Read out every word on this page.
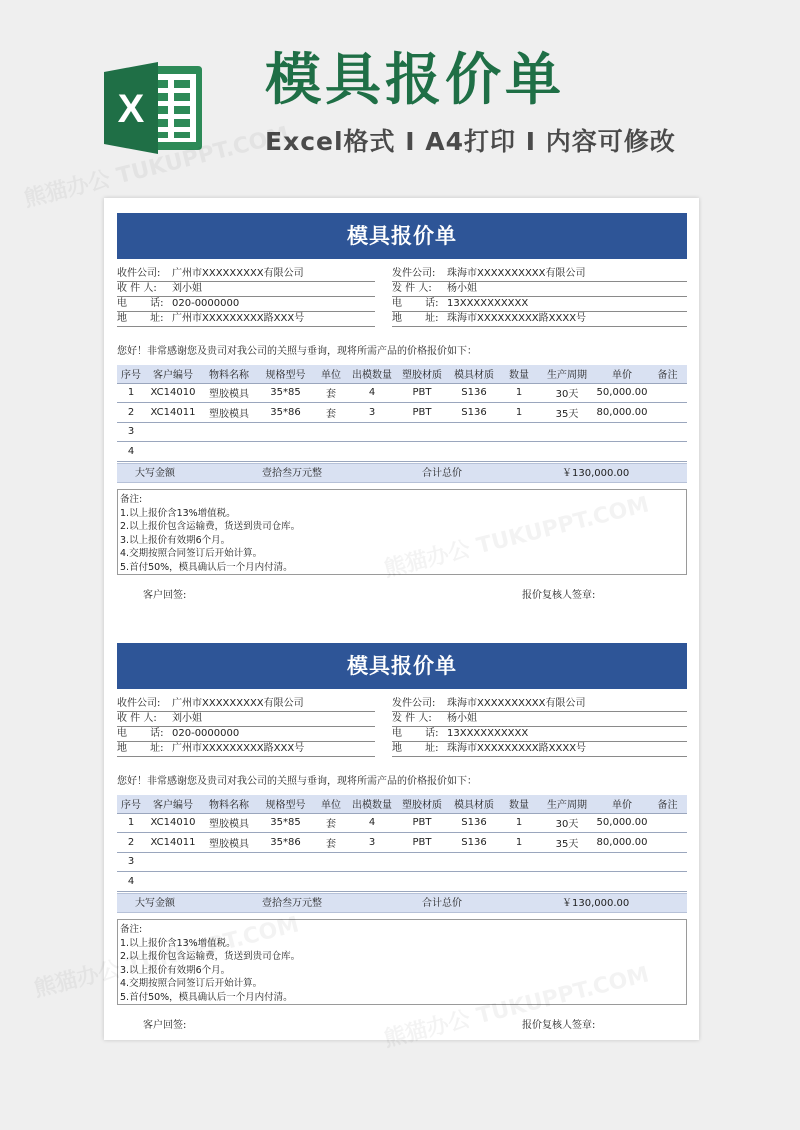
X 模具报价单
Excel格式 I A4打印 I 内容可修改
模具报价单
收件公司: 广州市XXXXXXXXX有限公司
收 件 人: 刘小姐
电 　　话: 020-0000000
地 　　址: 广州市XXXXXXXXX路XXX号
发件公司: 珠海市XXXXXXXXXX有限公司
发 件 人: 杨小姐
电 　　话: 13XXXXXXXXXX
地 　　址: 珠海市XXXXXXXXX路XXXX号
您好！非常感谢您及贵司对我公司的关照与垂询，现将所需产品的价格报价如下：
序号	客户编号	物料名称	规格型号	单位	出模数量	塑胶材质	模具材质	数量	生产周期	单价	备注
1	XC14010	塑胶模具	35*85	套	4	PBT	S136	1	30天	50,000.00	
2	XC14011	塑胶模具	35*86	套	3	PBT	S136	1	35天	80,000.00	
3											
4											
大写金额	壹拾叁万元整	合计总价	￥130,000.00
备注:
1.以上报价含13%增值税。
2.以上报价包含运输费，货送到贵司仓库。
3.以上报价有效期6个月。
4.交期按照合同签订后开始计算。
5.首付50%，模具确认后一个月内付清。
客户回签:	报价复核人签章:
模具报价单
收件公司: 广州市XXXXXXXXX有限公司
收 件 人: 刘小姐
电 　　话: 020-0000000
地 　　址: 广州市XXXXXXXXX路XXX号
发件公司: 珠海市XXXXXXXXXX有限公司
发 件 人: 杨小姐
电 　　话: 13XXXXXXXXXX
地 　　址: 珠海市XXXXXXXXX路XXXX号
您好！非常感谢您及贵司对我公司的关照与垂询，现将所需产品的价格报价如下：
序号	客户编号	物料名称	规格型号	单位	出模数量	塑胶材质	模具材质	数量	生产周期	单价	备注
1	XC14010	塑胶模具	35*85	套	4	PBT	S136	1	30天	50,000.00	
2	XC14011	塑胶模具	35*86	套	3	PBT	S136	1	35天	80,000.00	
3											
4											
大写金额	壹拾叁万元整	合计总价	￥130,000.00
备注:
1.以上报价含13%增值税。
2.以上报价包含运输费，货送到贵司仓库。
3.以上报价有效期6个月。
4.交期按照合同签订后开始计算。
5.首付50%，模具确认后一个月内付清。
客户回签:	报价复核人签章:
